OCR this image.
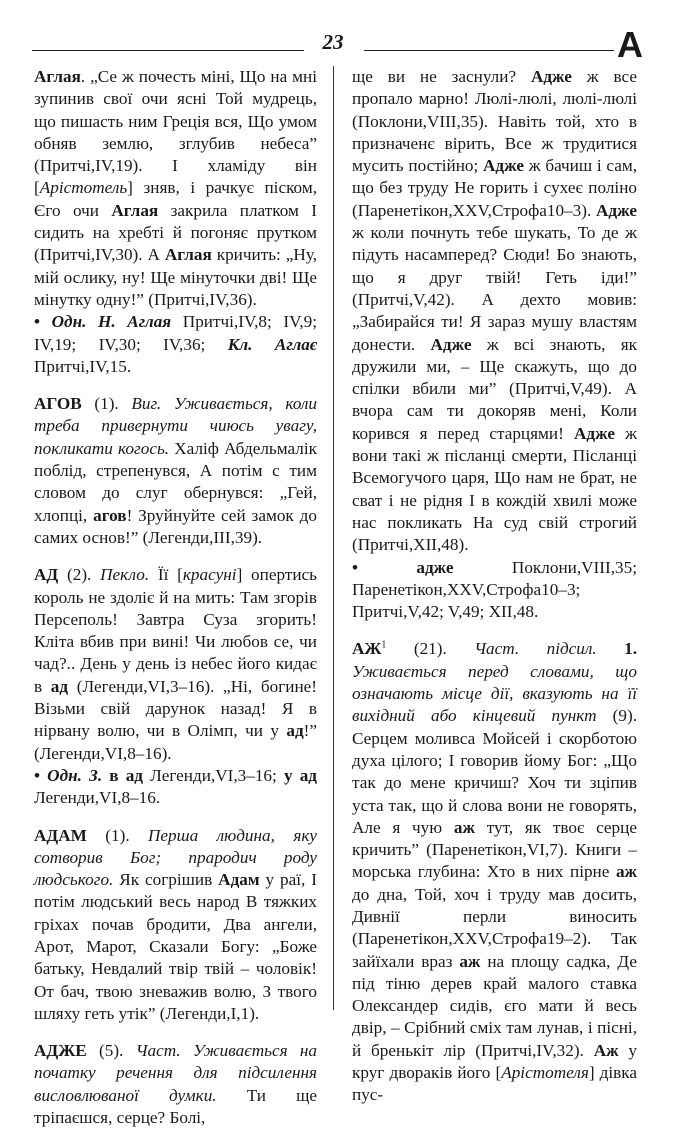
23	А

Аглая. „Се ж почесть міні, Що на мні зупинив свої очи ясні Той мудрець, що пишасть ним Грецiя вся, Що умом обняв землю, зглубив небеса” (Притчі,IV,19). І хламіду він [Арістотель] зняв, і рачкує піском, Єго очи Аглая закрила платком І сидить на хребті й погоняє прутком (Притчі,IV,30). А Аглая кричить: „Ну, мій ослику, ну! Ще мінуточки дві! Ще мінутку одну!” (Притчі,IV,36).

• Одн. Н. Аглая Притчі,IV,8; IV,9; IV,19; IV,30; IV,36; Кл. Аглає Притчі,IV,15.

АГОВ (1). Виг. Уживається, коли треба привернути чиюсь увагу, покликати когось. Халіф Абдельмалік поблід, стрепенувся, А потім с тим словом до слуг обернувся: „Гей, хлопці, агов! Зруйнуйте сей замок до самих основ!” (Легенди,III,39).

АД (2). Пекло. Її [красуні] опертись король не здоліє й на мить: Там згорів Персеполь! Завтра Суза згорить! Кліта вбив при вині! Чи любов се, чи чад?.. День у день із небес його кидає в ад (Легенди,VI,3–16). „Ні, богине! Візьми свій дарунок назад! Я в нірвану волю, чи в Олімп, чи у ад!” (Легенди,VI,8–16).

• Одн. З. в ад Легенди,VI,3–16; у ад Легенди,VI,8–16.

АДАМ (1). Перша людина, яку сотворив Бог; прародич роду людського. Як согрішив Адам у раї, І потім людський весь народ В тяжких гріхах почав бродити, Два ангели, Арот, Марот, Сказали Богу: „Боже батьку, Невдалий твір твій – чоловік! От бач, твою зневажив волю, З твого шляху геть утік” (Легенди,I,1).

АДЖЕ (5). Част. Уживається на початку речення для підсилення висловлюваної думки. Ти ще тріпаєшся, серце? Болі,

ще ви не заснули? Адже ж все пропало марно! Люлі-люлі, люлі-люлі (Поклони,VIII,35). Навіть той, хто в призначенє вірить, Все ж трудитися мусить постійно; Адже ж бачиш і сам, що без труду Не горить і сухеє поліно (Паренетікон,XXV,Строфа10–3). Адже ж коли почнуть тебе шукать, То де ж підуть насамперед? Сюди! Бо знають, що я друг твій! Геть іди!” (Притчі,V,42). А дехто мовив: „Забирайся ти! Я зараз мушу властям донести. Адже ж всі знають, як дружили ми, – Ще скажуть, що до спілки вбили ми” (Притчі,V,49). А вчора сам ти докоряв мені, Коли корився я перед старцями! Адже ж вони такі ж післанці смерти, Післанці Всемогучого царя, Що нам не брат, не сват і не рідня І в кождій хвилі може нас покликать На суд свій строгий (Притчі,XII,48).

• адже Поклони,VIII,35; Паренетікон,XXV,Строфа10–3; Притчі,V,42; V,49; XII,48.

$АЖ^1$ (21). Част. підсил. 1. Уживається перед словами, що означають місце дії, вказують на її вихідний або кінцевий пункт (9). Серцем моливса Мойсей і скорботою духа цілого; І говорив йому Бог: „Що так до мене кричиш? Хоч ти зціпив уста так, що й слова вони не говорять, Але я чую аж тут, як твоє серце кричить” (Паренетікон,VI,7). Книги – морська глубина: Хто в них пірне аж до дна, Той, хоч і труду мав досить, Дивнії перли виносить (Паренетікон,XXV,Строфа19–2). Так зайїхали враз аж на площу садка, Де під тіню дерев край малого ставка Олександер сидів, єго мати й весь двір, – Срібний сміх там лунав, і пісні, й бренькіт лір (Притчі,IV,32). Аж у круг двораків його [Арістотеля] дівка пус-
